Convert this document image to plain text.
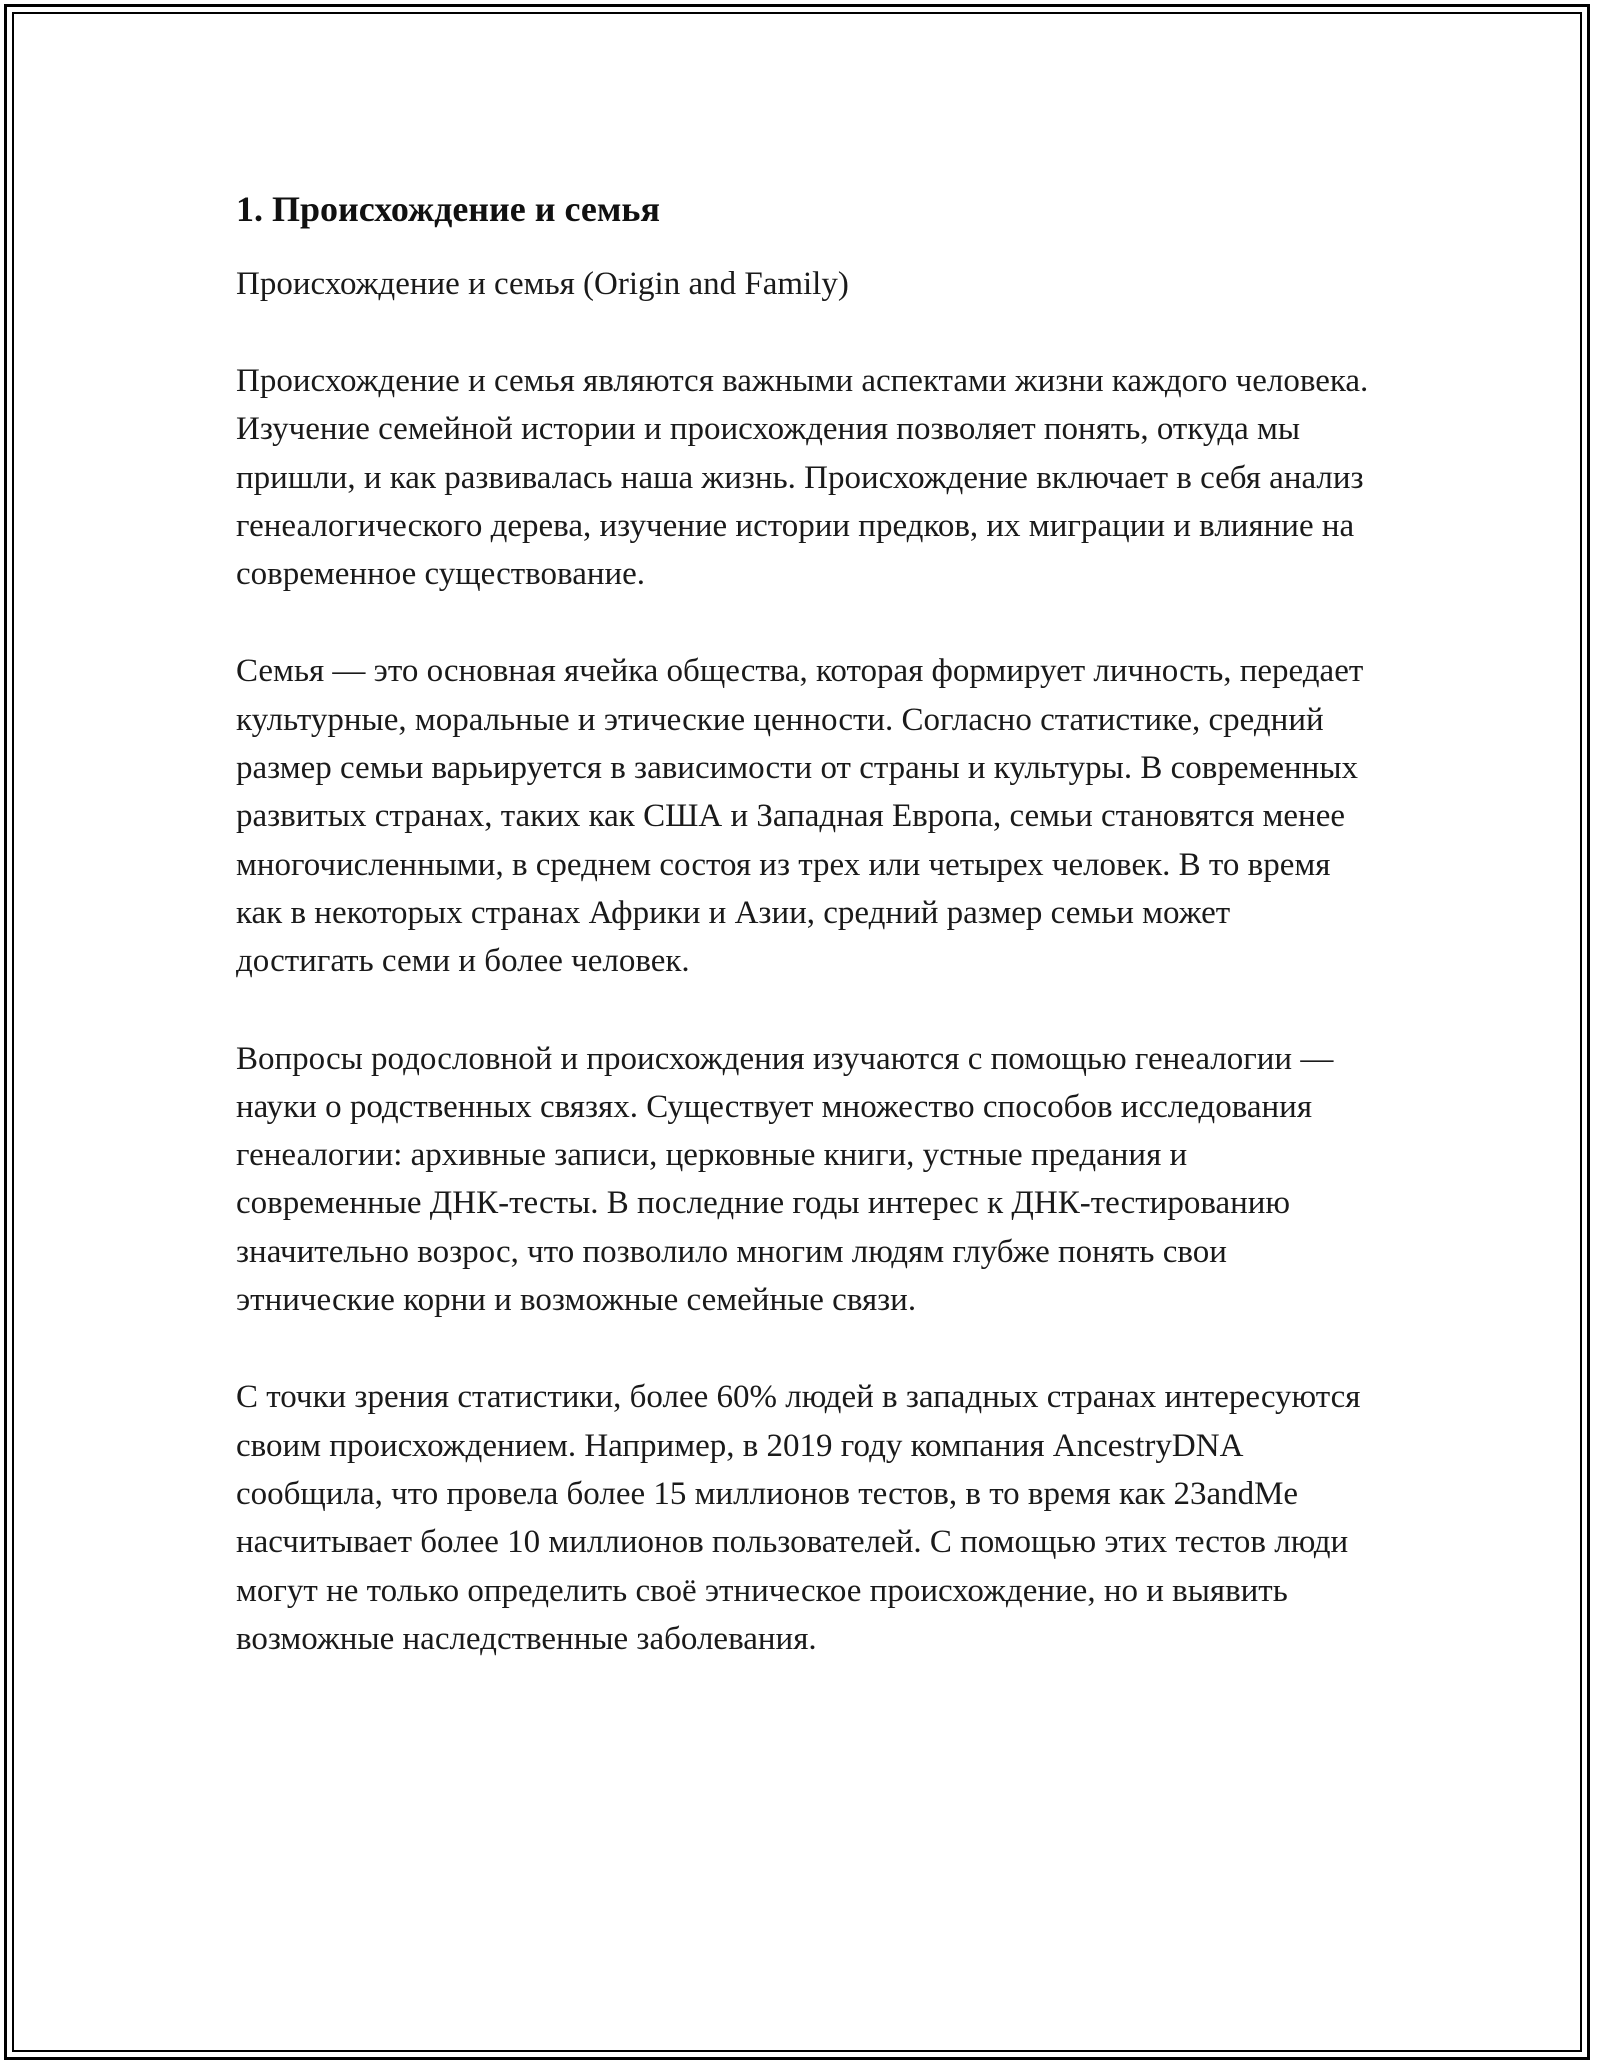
1. Происхождение и семья

Происхождение и семья (Origin and Family)

Происхождение и семья являются важными аспектами жизни каждого человека. Изучение семейной истории и происхождения позволяет понять, откуда мы пришли, и как развивалась наша жизнь. Происхождение включает в себя анализ генеалогического дерева, изучение истории предков, их миграции и влияние на современное существование.

Семья — это основная ячейка общества, которая формирует личность, передает культурные, моральные и этические ценности. Согласно статистике, средний размер семьи варьируется в зависимости от страны и культуры. В современных развитых странах, таких как США и Западная Европа, семьи становятся менее многочисленными, в среднем состоя из трех или четырех человек. В то время как в некоторых странах Африки и Азии, средний размер семьи может достигать семи и более человек.

Вопросы родословной и происхождения изучаются с помощью генеалогии — науки о родственных связях. Существует множество способов исследования генеалогии: архивные записи, церковные книги, устные предания и современные ДНК-тесты. В последние годы интерес к ДНК-тестированию значительно возрос, что позволило многим людям глубже понять свои этнические корни и возможные семейные связи.

С точки зрения статистики, более 60% людей в западных странах интересуются своим происхождением. Например, в 2019 году компания AncestryDNA сообщила, что провела более 15 миллионов тестов, в то время как 23andMe насчитывает более 10 миллионов пользователей. С помощью этих тестов люди могут не только определить своё этническое происхождение, но и выявить возможные наследственные заболевания.
